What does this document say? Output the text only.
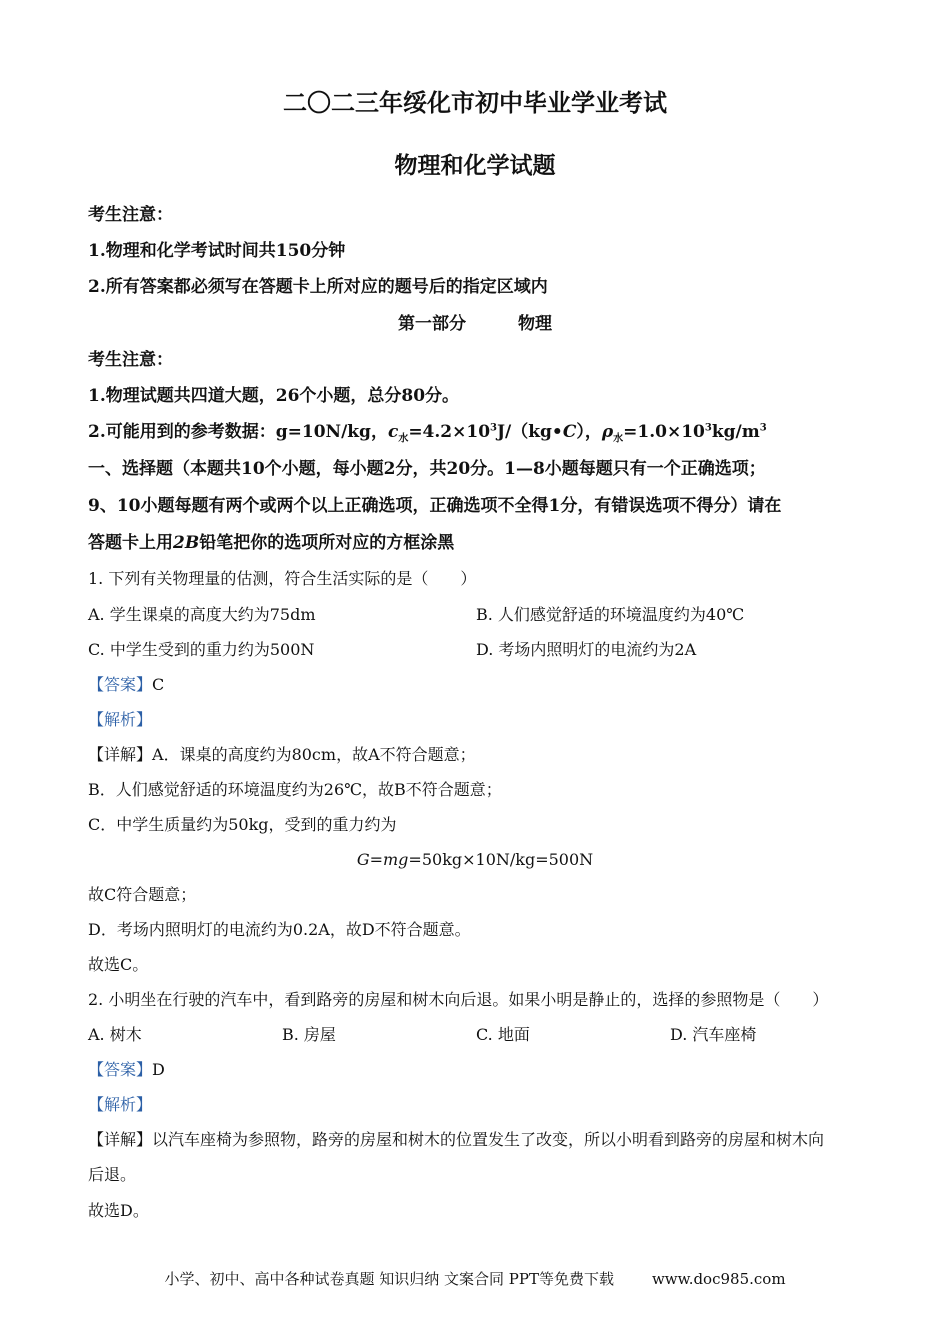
二〇二三年绥化市初中毕业学业考试
物理和化学试题
考生注意：
1.物理和化学考试时间共150分钟
2.所有答案都必须写在答题卡上所对应的题号后的指定区域内
第一部分	物理
考生注意：
1.物理试题共四道大题，26个小题，总分80分。
2.可能用到的参考数据：g=10N/kg，$c_水=4.2\times 10^3J/(kg•C)$，$\rho_水=1.0\times 10^3kg/m^3$
一、选择题（本题共10个小题，每小题2分，共20分。1—8小题每题只有一个正确选项；
9、10小题每题有两个或两个以上正确选项，正确选项不全得1分，有错误选项不得分）请在
答题卡上用2B铅笔把你的选项所对应的方框涂黑
1. 下列有关物理量的估测，符合生活实际的是（　　）
A. 学生课桌的高度大约为75dm	B. 人们感觉舒适的环境温度约为40℃
C. 中学生受到的重力约为500N	D. 考场内照明灯的电流约为2A
【答案】C
【解析】
【详解】A．课桌的高度约为80cm，故A不符合题意；
B．人们感觉舒适的环境温度约为26℃，故B不符合题意；
C．中学生质量约为50kg，受到的重力约为
G=mg=50kg×10N/kg=500N
故C符合题意；
D．考场内照明灯的电流约为0.2A，故D不符合题意。
故选C。
2. 小明坐在行驶的汽车中，看到路旁的房屋和树木向后退。如果小明是静止的，选择的参照物是（　　）
A. 树木	B. 房屋	C. 地面	D. 汽车座椅
【答案】D
【解析】
【详解】以汽车座椅为参照物，路旁的房屋和树木的位置发生了改变，所以小明看到路旁的房屋和树木向
后退。
故选D。
小学、初中、高中各种试卷真题 知识归纳 文案合同 PPT等免费下载	www.doc985.com
